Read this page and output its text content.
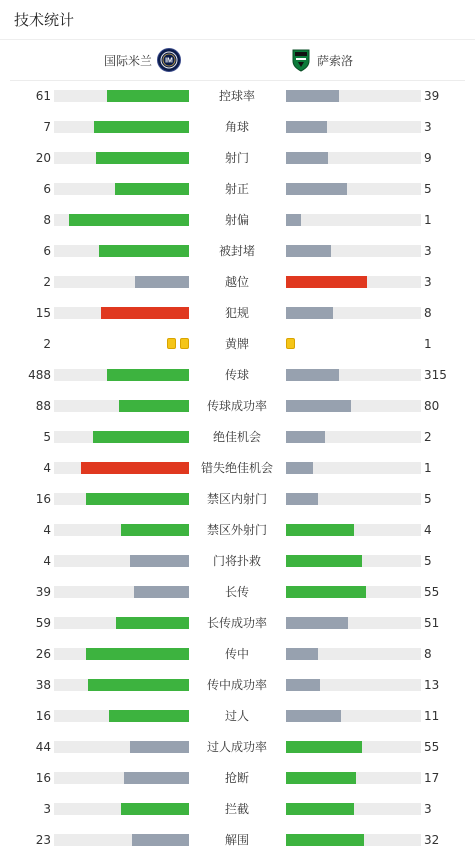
技术统计
国际米兰 IM	萨索洛
61	控球率	39
7	角球	3
20	射门	9
6	射正	5
8	射偏	1
6	被封堵	3
2	越位	3
15	犯规	8
2	黄牌	1
488	传球	315
88	传球成功率	80
5	绝佳机会	2
4	错失绝佳机会	1
16	禁区内射门	5
4	禁区外射门	4
4	门将扑救	5
39	长传	55
59	长传成功率	51
26	传中	8
38	传中成功率	13
16	过人	11
44	过人成功率	55
16	抢断	17
3	拦截	3
23	解围	32
